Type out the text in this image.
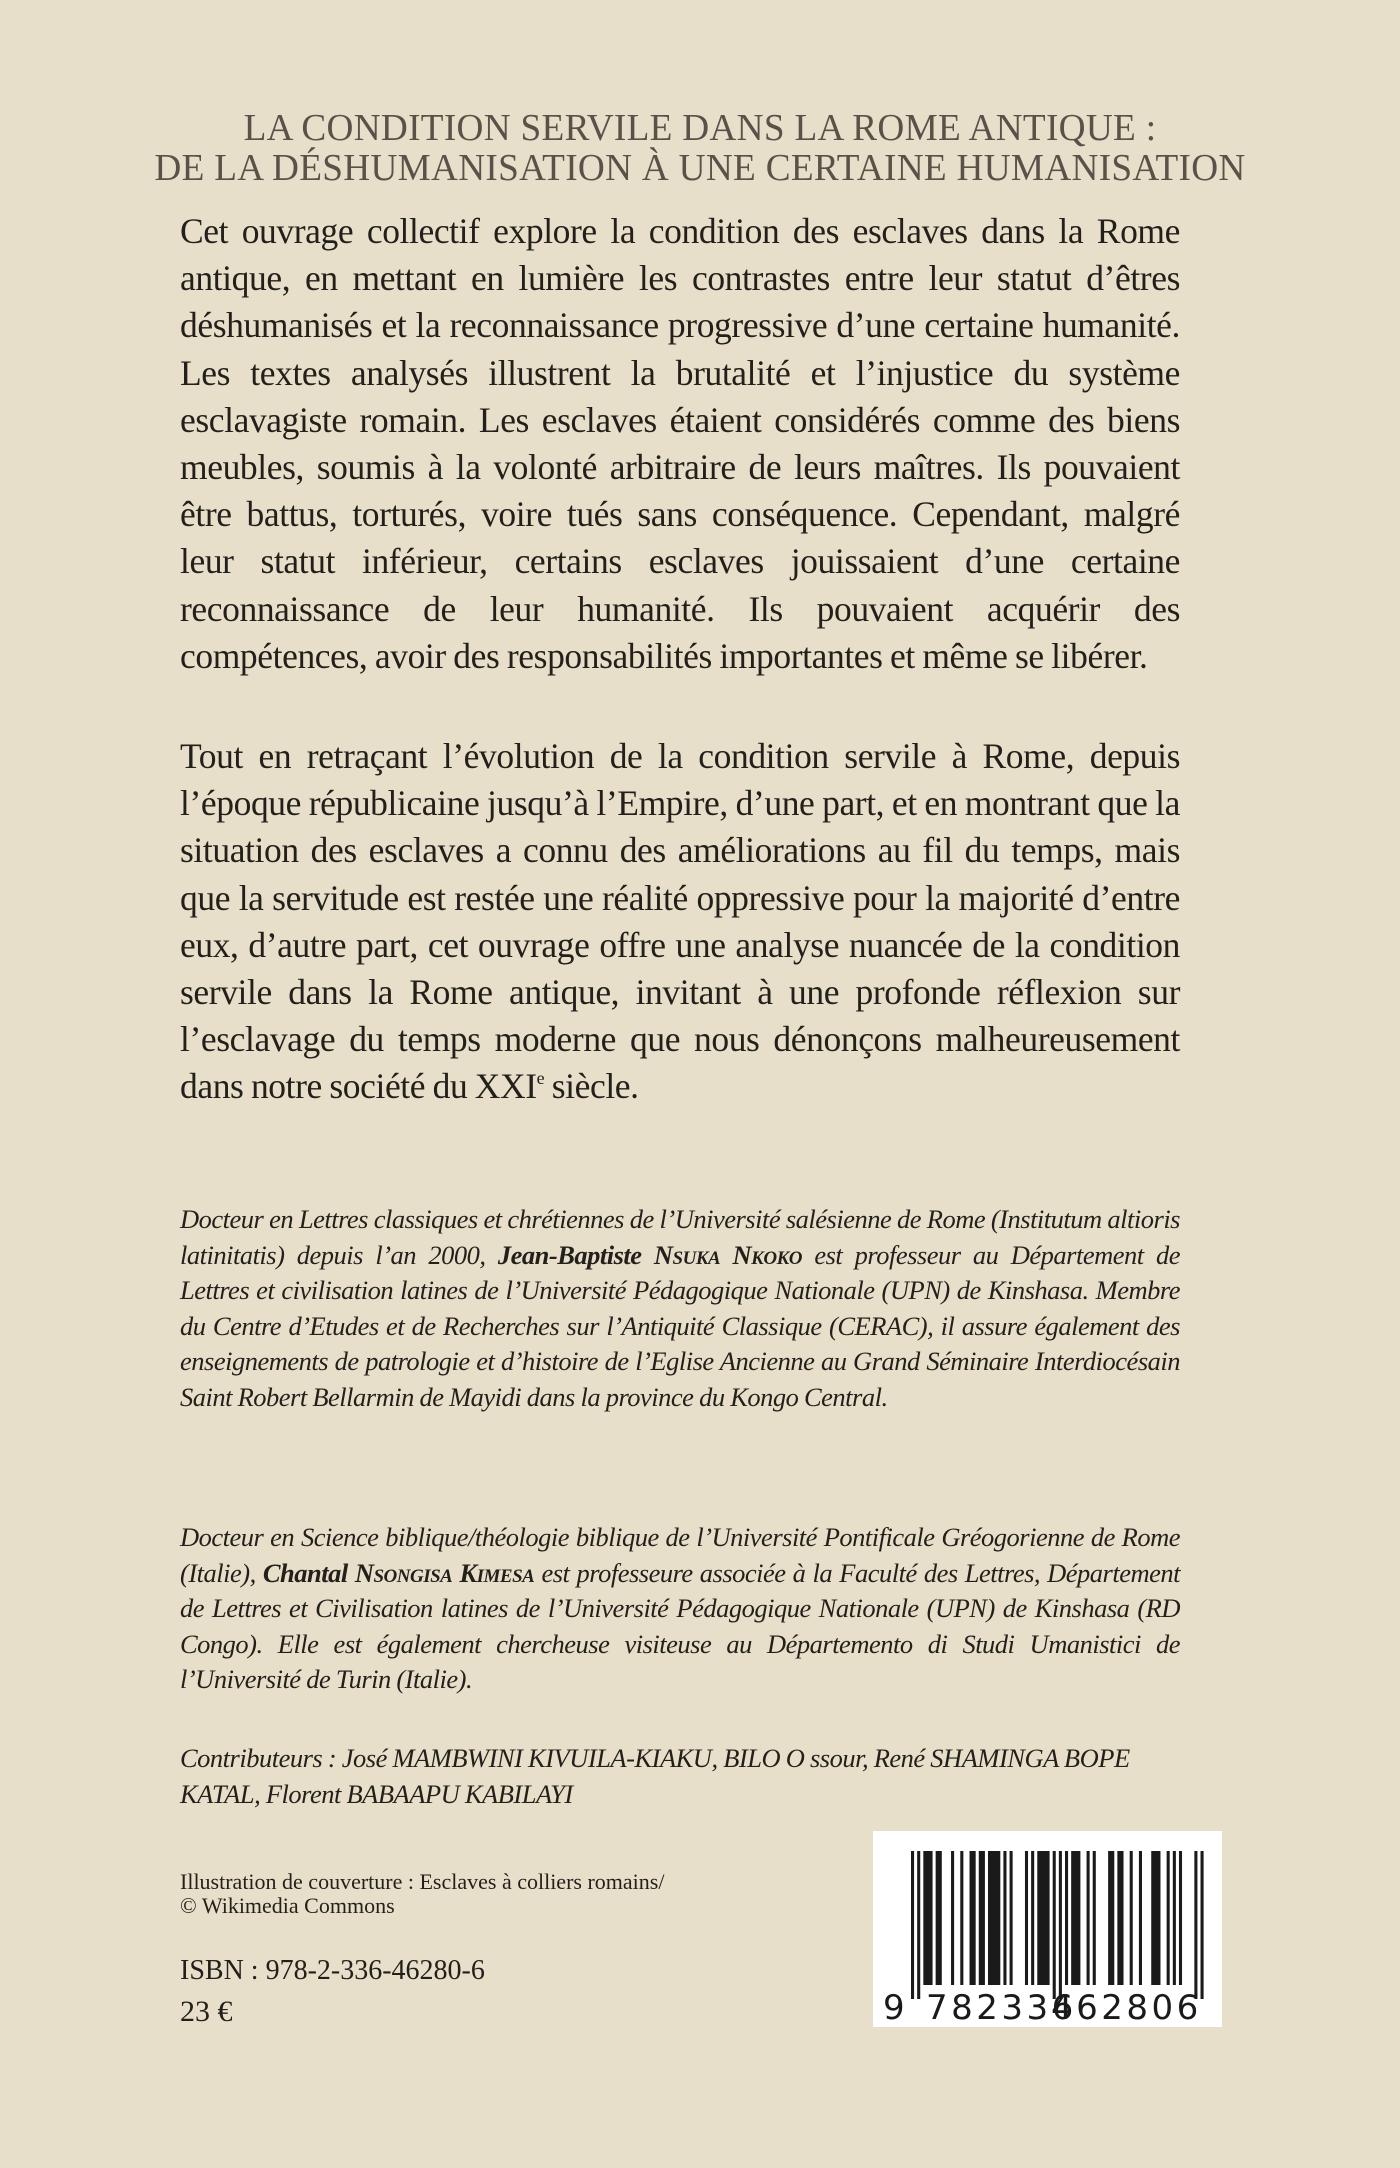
LA CONDITION SERVILE DANS LA ROME ANTIQUE :
DE LA DÉSHUMANISATION À UNE CERTAINE HUMANISATION

Cet ouvrage collectif explore la condition des esclaves dans la Rome antique, en mettant en lumière les contrastes entre leur statut d’êtres déshumanisés et la reconnaissance progressive d’une certaine humanité. Les textes analysés illustrent la brutalité et l’injustice du système esclavagiste romain. Les esclaves étaient considérés comme des biens meubles, soumis à la volonté arbitraire de leurs maîtres. Ils pouvaient être battus, torturés, voire tués sans conséquence. Cependant, malgré leur statut inférieur, certains esclaves jouissaient d’une certaine reconnaissance de leur humanité. Ils pouvaient acquérir des compétences, avoir des responsabilités importantes et même se libérer.

Tout en retraçant l’évolution de la condition servile à Rome, depuis l’époque républicaine jusqu’à l’Empire, d’une part, et en montrant que la situation des esclaves a connu des améliorations au fil du temps, mais que la servitude est restée une réalité oppressive pour la majorité d’entre eux, d’autre part, cet ouvrage offre une analyse nuancée de la condition servile dans la Rome antique, invitant à une profonde réflexion sur l’esclavage du temps moderne que nous dénonçons malheureusement dans notre société du XXIe siècle.

Docteur en Lettres classiques et chrétiennes de l’Université salésienne de Rome (Institutum altioris latinitatis) depuis l’an 2000, Jean-Baptiste Nsuka Nkoko est professeur au Département de Lettres et civilisation latines de l’Université Pédagogique Nationale (UPN) de Kinshasa. Membre du Centre d’Etudes et de Recherches sur l’Antiquité Classique (CERAC), il assure également des enseignements de patrologie et d’histoire de l’Eglise Ancienne au Grand Séminaire Interdiocésain Saint Robert Bellarmin de Mayidi dans la province du Kongo Central.

Docteur en Science biblique/théologie biblique de l’Université Pontificale Gréogorienne de Rome (Italie), Chantal Nsongisa Kimesa est professeure associée à la Faculté des Lettres, Département de Lettres et Civilisation latines de l’Université Pédagogique Nationale (UPN) de Kinshasa (RD Congo). Elle est également chercheuse visiteuse au Départemento di Studi Umanistici de l’Université de Turin (Italie).

Contributeurs : José MAMBWINI KIVUILA-KIAKU, BILO O ssour, René SHAMINGA BOPE KATAL, Florent BABAAPU KABILAYI

Illustration de couverture : Esclaves à colliers romains/
© Wikimedia Commons
ISBN : 978-2-336-46280-6
23 €	9 782336
462806
